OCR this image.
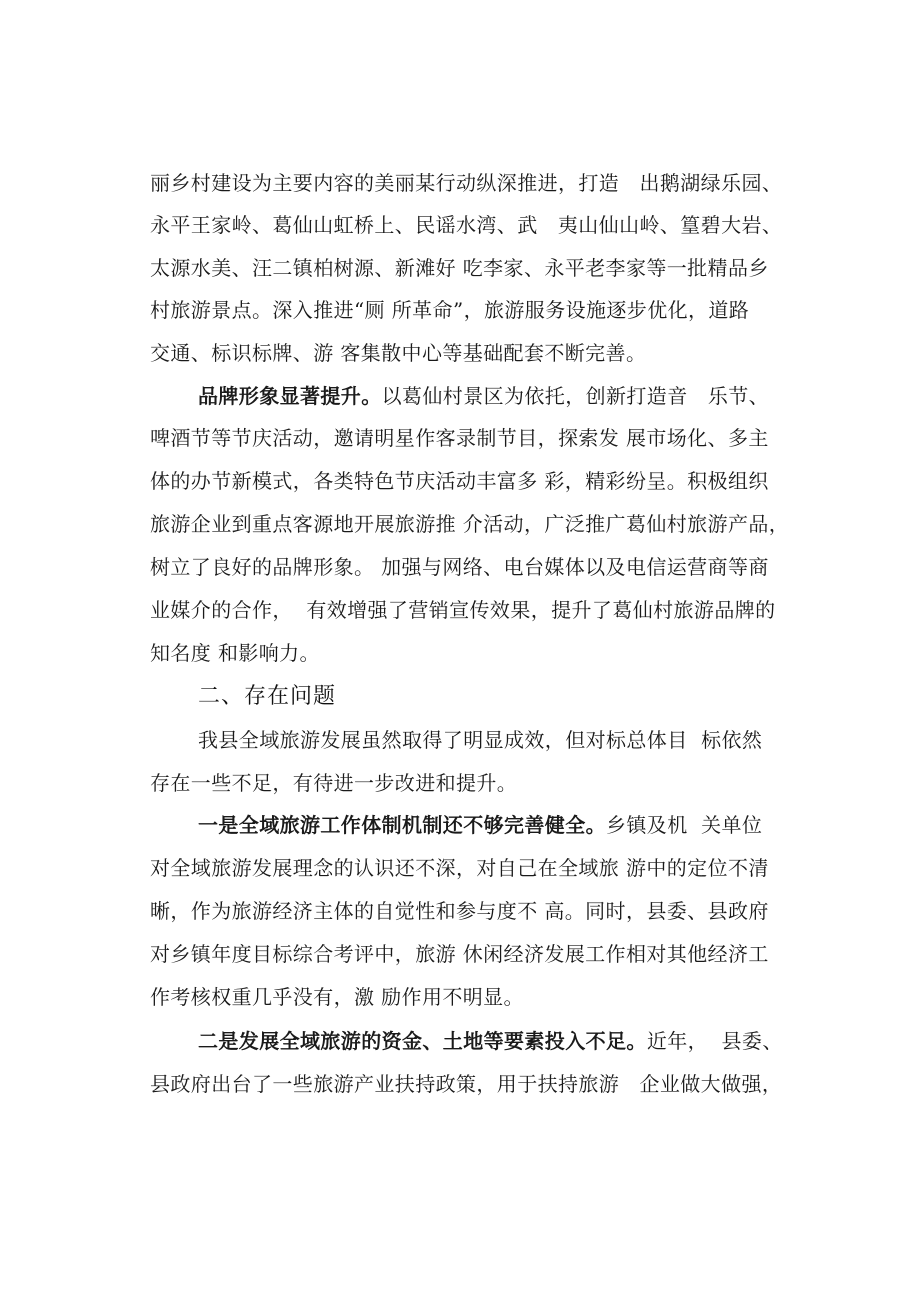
丽乡村建设为主要内容的美丽某行动纵深推进，打造   出鹅湖绿乐园、
永平王家岭、葛仙山虹桥上、民谣水湾、武   夷山仙山岭、篁碧大岩、
太源水美、汪二镇柏树源、新滩好 吃李家、永平老李家等一批精品乡
村旅游景点。深入推进“厕 所革命”，旅游服务设施逐步优化，道路
交通、标识标牌、游 客集散中心等基础配套不断完善。
品牌形象显著提升。以葛仙村景区为依托，创新打造音   乐节、
啤酒节等节庆活动，邀请明星作客录制节目，探索发 展市场化、多主
体的办节新模式，各类特色节庆活动丰富多 彩，精彩纷呈。积极组织
旅游企业到重点客源地开展旅游推 介活动，广泛推广葛仙村旅游产品，
树立了良好的品牌形象。 加强与网络、电台媒体以及电信运营商等商
业媒介的合作，  有效增强了营销宣传效果，提升了葛仙村旅游品牌的
知名度 和影响力。
二、存在问题
我县全域旅游发展虽然取得了明显成效，但对标总体目  标依然
存在一些不足，有待进一步改进和提升。
一是全域旅游工作体制机制还不够完善健全。乡镇及机  关单位
对全域旅游发展理念的认识还不深，对自己在全域旅 游中的定位不清
晰，作为旅游经济主体的自觉性和参与度不 高。同时，县委、县政府
对乡镇年度目标综合考评中，旅游 休闲经济发展工作相对其他经济工
作考核权重几乎没有，激 励作用不明显。
二是发展全域旅游的资金、土地等要素投入不足。近年，  县委、
县政府出台了一些旅游产业扶持政策，用于扶持旅游   企业做大做强，
